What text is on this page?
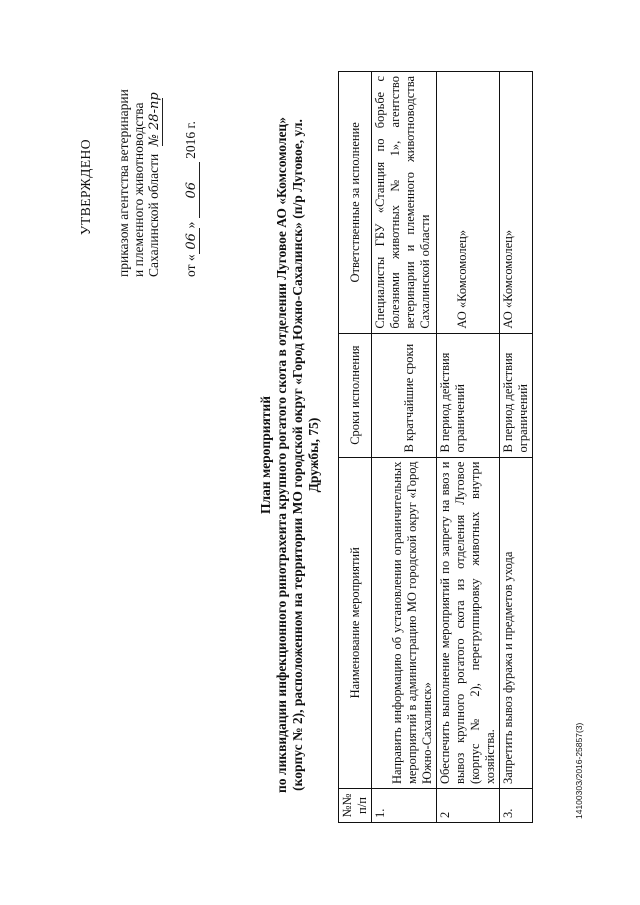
УТВЕРЖДЕНО приказом агентства ветеринарии и племенного животноводства Сахалинской области № 28-пр
от «06» 06 2016 г.
План мероприятий по ликвидации инфекционного ринотрахеита крупного рогатого скота в отделении Луговое АО «Комсомолец» (корпус № 2), расположенном на территории МО городской округ «Город Южно-Сахалинск» (п/р Луговое, ул. Дружбы, 75)
№№ п/п	Наименование мероприятий	Сроки исполнения	Ответственные за исполнение
1.	Направить информацию об установлении ограничительных мероприятий в администрацию МО городской округ «Город Южно-Сахалинск»	В кратчайшие сроки	Специалисты ГБУ «Станция по борьбе с болезнями животных № 1», агентство ветеринарии и племенного животноводства Сахалинской области
2	Обеспечить выполнение мероприятий по запрету на ввоз и вывоз крупного рогатого скота из отделения Луговое (корпус № 2), перегруппировку животных внутри хозяйства.	В период действия ограничений	АО «Комсомолец»
3.	Запретить вывоз фуража и предметов ухода	В период действия ограничений	АО «Комсомолец»
1410030З/2016-25857(3)
